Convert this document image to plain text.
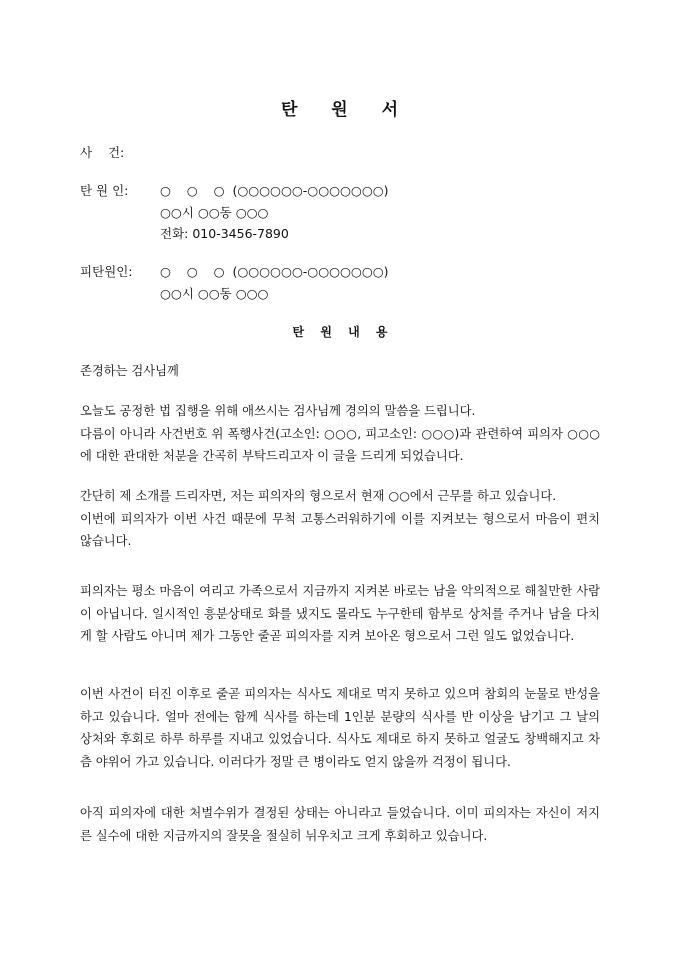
탄 원 서
사    건:
탄 원 인:	○    ○    ○  (○○○○○○-○○○○○○○)
○○시 ○○동 ○○○
전화: 010-3456-7890
피탄원인: ○    ○    ○  (○○○○○○-○○○○○○○)
○○시 ○○동 ○○○
탄 원 내 용
존경하는 검사님께
오늘도 공정한 법 집행을 위해 애쓰시는 검사님께 경의의 말씀을 드립니다.
다름이 아니라 사건번호 위 폭행사건(고소인: ○○○, 피고소인: ○○○)과 관련하여 피의자 ○○○에 대한 관대한 처분을 간곡히 부탁드리고자 이 글을 드리게 되었습니다.
간단히 제 소개를 드리자면, 저는 피의자의 형으로서 현재 ○○에서 근무를 하고 있습니다.
이번에 피의자가 이번 사건 때문에 무척 고통스러워하기에 이를 지켜보는 형으로서 마음이 편치 않습니다.
피의자는 평소 마음이 여리고 가족으로서 지금까지 지켜본 바로는 남을 악의적으로 해칠만한 사람이 아닙니다. 일시적인 흥분상태로 화를 냈지도 몰라도 누구한테 함부로 상처를 주거나 남을 다치게 할 사람도 아니며 제가 그동안 줄곧 피의자를 지켜 보아온 형으로서 그런 일도 없었습니다.
이번 사건이 터진 이후로 줄곧 피의자는 식사도 제대로 먹지 못하고 있으며 참회의 눈물로 반성을 하고 있습니다. 얼마 전에는 함께 식사를 하는데 1인분 분량의 식사를 반 이상을 남기고 그 날의 상처와 후회로 하루 하루를 지내고 있었습니다. 식사도 제대로 하지 못하고 얼굴도 창백해지고 차츰 야위어 가고 있습니다. 이러다가 정말 큰 병이라도 얻지 않을까 걱정이 됩니다.
아직 피의자에 대한 처벌수위가 결정된 상태는 아니라고 들었습니다. 이미 피의자는 자신이 저지른 실수에 대한 지금까지의 잘못을 절실히 뉘우치고 크게 후회하고 있습니다.
